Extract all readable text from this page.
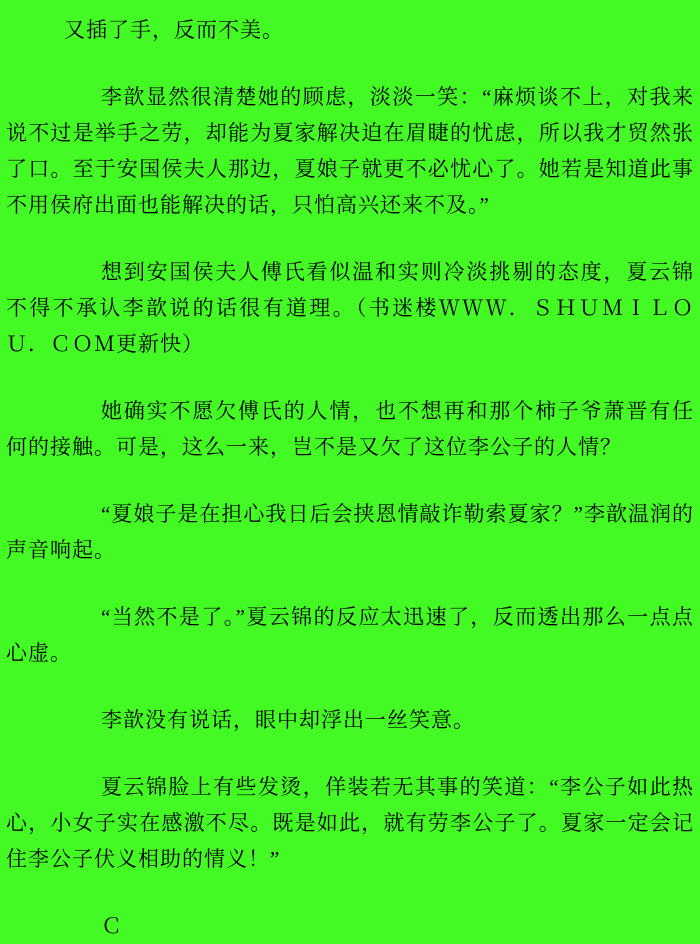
又插了手，反而不美。

李歆显然很清楚她的顾虑，淡淡一笑：“麻烦谈不上，对我来说不过是举手之劳，却能为夏家解决迫在眉睫的忧虑，所以我才贸然张了口。至于安国侯夫人那边，夏娘子就更不必忧心了。她若是知道此事不用侯府出面也能解决的话，只怕高兴还来不及。”

想到安国侯夫人傅氏看似温和实则冷淡挑剔的态度，夏云锦不得不承认李歆说的话很有道理。（书迷楼ＷＷＷ．ＳＨＵＭＩＬＯＵ．ＣＯＭ更新快）

她确实不愿欠傅氏的人情，也不想再和那个柿子爷萧晋有任何的接触。可是，这么一来，岂不是又欠了这位李公子的人情？

“夏娘子是在担心我日后会挟恩情敲诈勒索夏家？”李歆温润的声音响起。

“当然不是了。”夏云锦的反应太迅速了，反而透出那么一点点心虚。

李歆没有说话，眼中却浮出一丝笑意。

夏云锦脸上有些发烫，佯装若无其事的笑道：“李公子如此热心，小女子实在感激不尽。既是如此，就有劳李公子了。夏家一定会记住李公子伏义相助的情义！”

Ｃ
